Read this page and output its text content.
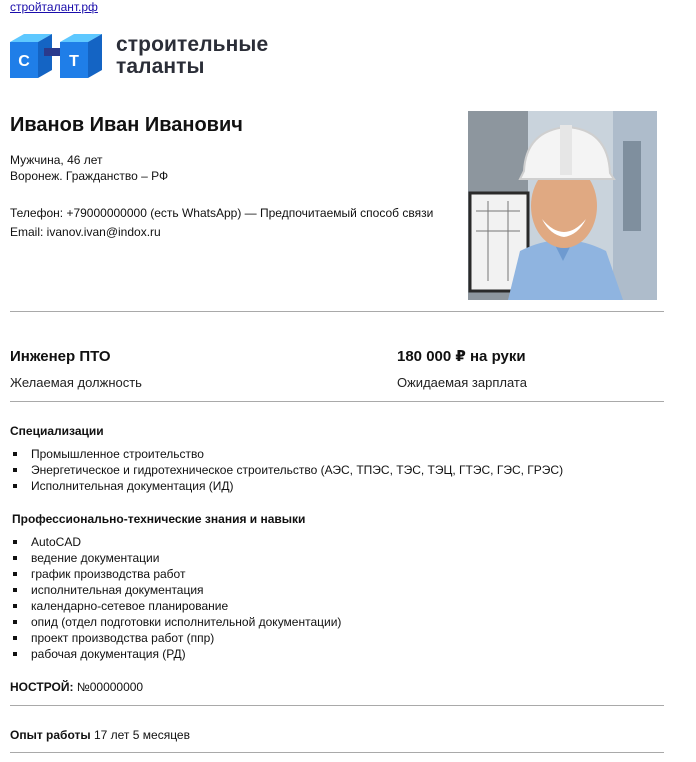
стройталант.рф
С Т
строительные
таланты
Иванов Иван Иванович
Мужчина, 46 лет
Воронеж. Гражданство – РФ
Телефон: +79000000000 (есть WhatsApp) — Предпочитаемый способ связи
Email: ivanov.ivan@indox.ru
Инженер ПТО
Желаемая должность
180 000 ₽ на руки
Ожидаемая зарплата
Специализации
Промышленное строительство
Энергетическое и гидротехническое строительство (АЭС, ТПЭС, ТЭС, ТЭЦ, ГТЭС, ГЭС, ГРЭС)
Исполнительная документация (ИД)
Профессионально-технические знания и навыки
AutoCAD
ведение документации
график производства работ
исполнительная документация
календарно-сетевое планирование
опид (отдел подготовки исполнительной документации)
проект производства работ (ппр)
рабочая документация (РД)
НОСТРОЙ: №00000000
Опыт работы 17 лет 5 месяцев
